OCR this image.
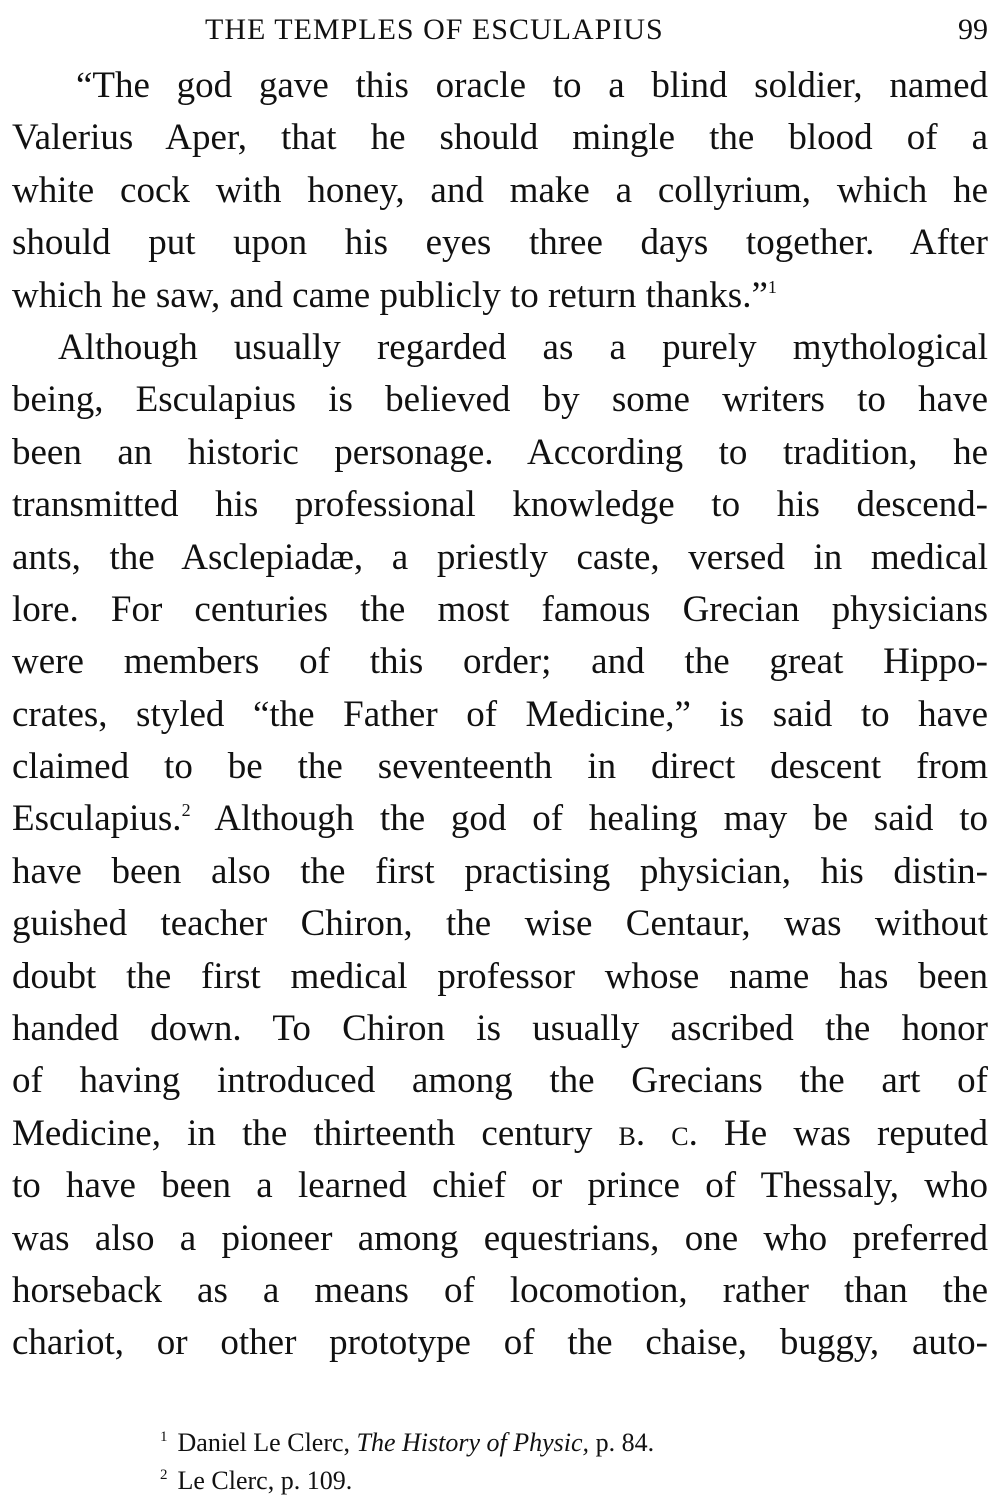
THE TEMPLES OF ESCULAPIUS	99
“The god gave this oracle to a blind soldier, named
Valerius Aper, that he should mingle the blood of a
white cock with honey, and make a collyrium, which he
should put upon his eyes three days together. After
which he saw, and came publicly to return thanks.”$^1$
Although usually regarded as a purely mythological
being, Esculapius is believed by some writers to have
been an historic personage. According to tradition, he
transmitted his professional knowledge to his descend-
ants, the Asclepiadæ, a priestly caste, versed in medical
lore. For centuries the most famous Grecian physicians
were members of this order; and the great Hippo-
crates, styled “the Father of Medicine,” is said to have
claimed to be the seventeenth in direct descent from
Esculapius.$^2$ Although the god of healing may be said to
have been also the first practising physician, his distin-
guished teacher Chiron, the wise Centaur, was without
doubt the first medical professor whose name has been
handed down. To Chiron is usually ascribed the honor
of having introduced among the Grecians the art of
Medicine, in the thirteenth century b. c. He was reputed
to have been a learned chief or prince of Thessaly, who
was also a pioneer among equestrians, one who preferred
horseback as a means of locomotion, rather than the
chariot, or other prototype of the chaise, buggy, auto-
$^1$ Daniel Le Clerc, The History of Physic, p. 84.
$^2$ Le Clerc, p. 109.
